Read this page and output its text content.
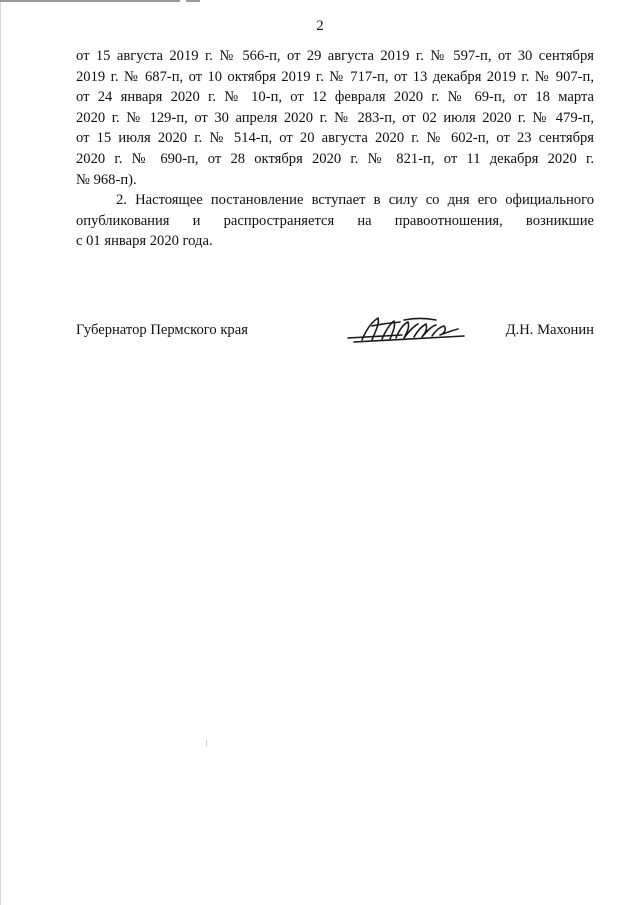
2

от 15 августа 2019 г. № 566-п, от 29 августа 2019 г. № 597-п, от 30 сентября
2019 г. № 687-п, от 10 октября 2019 г. № 717-п, от 13 декабря 2019 г. № 907-п,
от 24 января 2020 г. № 10-п, от 12 февраля 2020 г. № 69-п, от 18 марта
2020 г. № 129-п, от 30 апреля 2020 г. № 283-п, от 02 июля 2020 г. № 479-п,
от 15 июля 2020 г. № 514-п, от 20 августа 2020 г. № 602-п, от 23 сентября
2020 г. № 690-п, от 28 октября 2020 г. № 821-п, от 11 декабря 2020 г.
№ 968-п).

2. Настоящее постановление вступает в силу со дня его официального
опубликования и распространяется на правоотношения, возникшие
с 01 января 2020 года.

Губернатор Пермского края	Д.Н. Махонин
